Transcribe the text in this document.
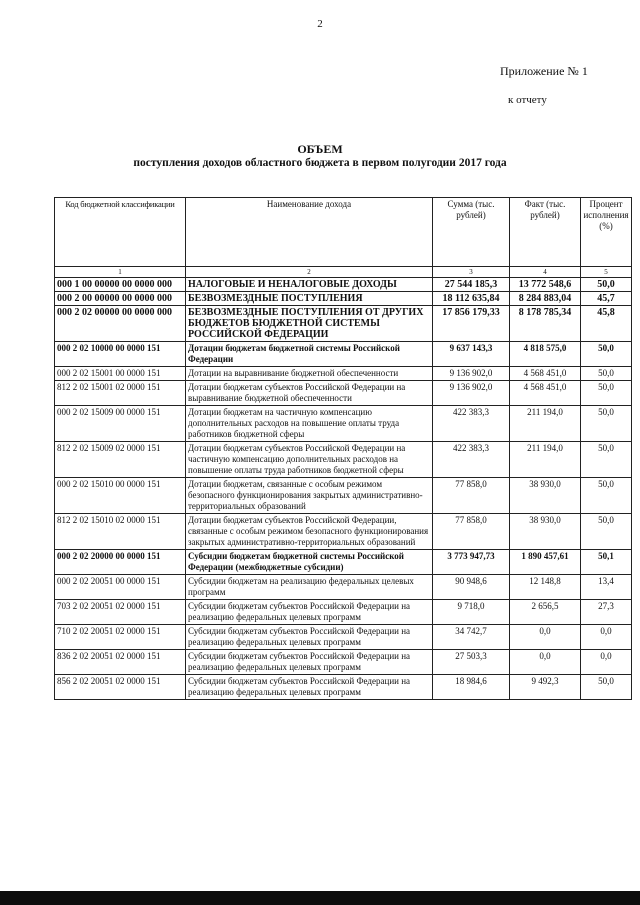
2
Приложение № 1
к отчету
ОБЪЕМ
поступления доходов областного бюджета в первом полугодии 2017 года
Код бюджетной классификации	Наименование дохода	Сумма (тыс. рублей)	Факт (тыс. рублей)	Процент исполнения (%)
1	2	3	4	5
000 1 00 00000 00 0000 000	НАЛОГОВЫЕ И НЕНАЛОГОВЫЕ ДОХОДЫ	27 544 185,3	13 772 548,6	50,0
000 2 00 00000 00 0000 000	БЕЗВОЗМЕЗДНЫЕ ПОСТУПЛЕНИЯ	18 112 635,84	8 284 883,04	45,7
000 2 02 00000 00 0000 000	БЕЗВОЗМЕЗДНЫЕ ПОСТУПЛЕНИЯ ОТ ДРУГИХ БЮДЖЕТОВ БЮДЖЕТНОЙ СИСТЕМЫ РОССИЙСКОЙ ФЕДЕРАЦИИ	17 856 179,33	8 178 785,34	45,8
000 2 02 10000 00 0000 151	Дотации бюджетам бюджетной системы Российской Федерации	9 637 143,3	4 818 575,0	50,0
000 2 02 15001 00 0000 151	Дотации на выравнивание бюджетной обеспеченности	9 136 902,0	4 568 451,0	50,0
812 2 02 15001 02 0000 151	Дотации бюджетам субъектов Российской Федерации на выравнивание бюджетной обеспеченности	9 136 902,0	4 568 451,0	50,0
000 2 02 15009 00 0000 151	Дотации бюджетам на частичную компенсацию дополнительных расходов на повышение оплаты труда работников бюджетной сферы	422 383,3	211 194,0	50,0
812 2 02 15009 02 0000 151	Дотации бюджетам субъектов Российской Федерации на частичную компенсацию дополнительных расходов на повышение оплаты труда работников бюджетной сферы	422 383,3	211 194,0	50,0
000 2 02 15010 00 0000 151	Дотации бюджетам, связанные с особым режимом безопасного функционирования закрытых административно-территориальных образований	77 858,0	38 930,0	50,0
812 2 02 15010 02 0000 151	Дотации бюджетам субъектов Российской Федерации, связанные с особым режимом безопасного функционирования закрытых административно-территориальных образований	77 858,0	38 930,0	50,0
000 2 02 20000 00 0000 151	Субсидии бюджетам бюджетной системы Российской Федерации (межбюджетные субсидии)	3 773 947,73	1 890 457,61	50,1
000 2 02 20051 00 0000 151	Субсидии бюджетам на реализацию федеральных целевых программ	90 948,6	12 148,8	13,4
703 2 02 20051 02 0000 151	Субсидии бюджетам субъектов Российской Федерации на реализацию федеральных целевых программ	9 718,0	2 656,5	27,3
710 2 02 20051 02 0000 151	Субсидии бюджетам субъектов Российской Федерации на реализацию федеральных целевых программ	34 742,7	0,0	0,0
836 2 02 20051 02 0000 151	Субсидии бюджетам субъектов Российской Федерации на реализацию федеральных целевых программ	27 503,3	0,0	0,0
856 2 02 20051 02 0000 151	Субсидии бюджетам субъектов Российской Федерации на реализацию федеральных целевых программ	18 984,6	9 492,3	50,0
